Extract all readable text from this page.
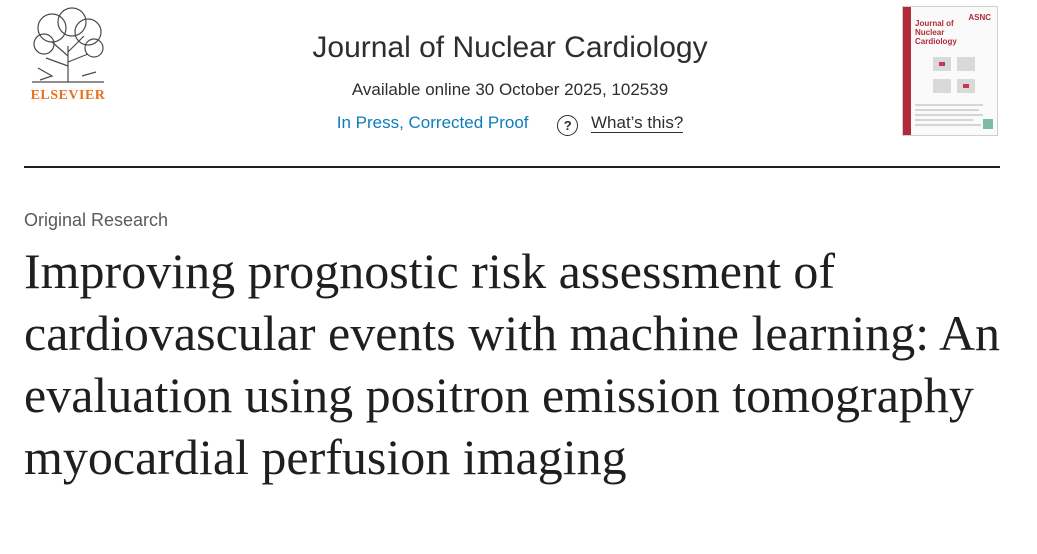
ELSEVIER
Journal of Nuclear Cardiology
Available online 30 October 2025, 102539
In Press, Corrected Proof	? What’s this?
ASNC
Journal of Nuclear Cardiology
Original Research
Improving prognostic risk assessment of cardiovascular events with machine learning: An evaluation using positron emission tomography myocardial perfusion imaging
